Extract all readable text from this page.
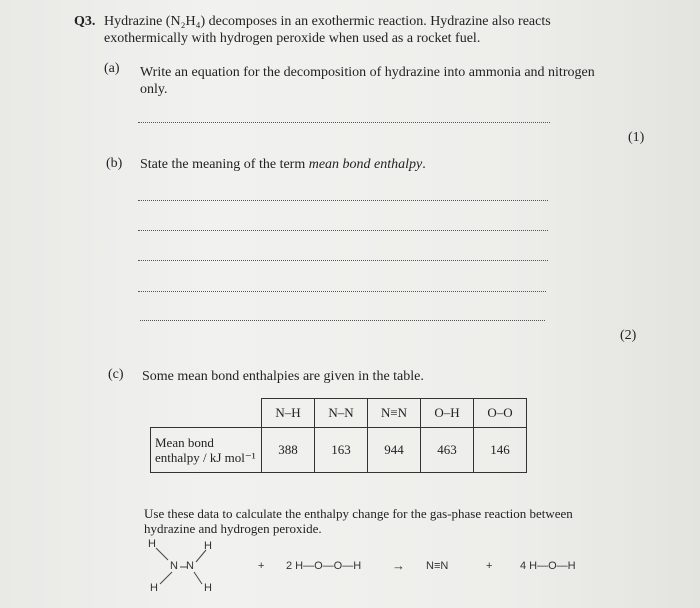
Q3. Hydrazine (N₂H₄) decomposes in an exothermic reaction. Hydrazine also reacts
exothermically with hydrogen peroxide when used as a rocket fuel.
(a) Write an equation for the decomposition of hydrazine into ammonia and nitrogen
only.
(1)
(b) State the meaning of the term mean bond enthalpy.
(2)
(c) Some mean bond enthalpies are given in the table.
	N–H	N–N	N≡N	O–H	O–O
Mean bond
enthalpy / kJ mol⁻¹	388	163	944	463	146
Use these data to calculate the enthalpy change for the gas-phase reaction between
hydrazine and hydrogen peroxide.
H	H
N N
H	H
+ 2 H—O—O—H → N≡N	+	4 H—O—H
